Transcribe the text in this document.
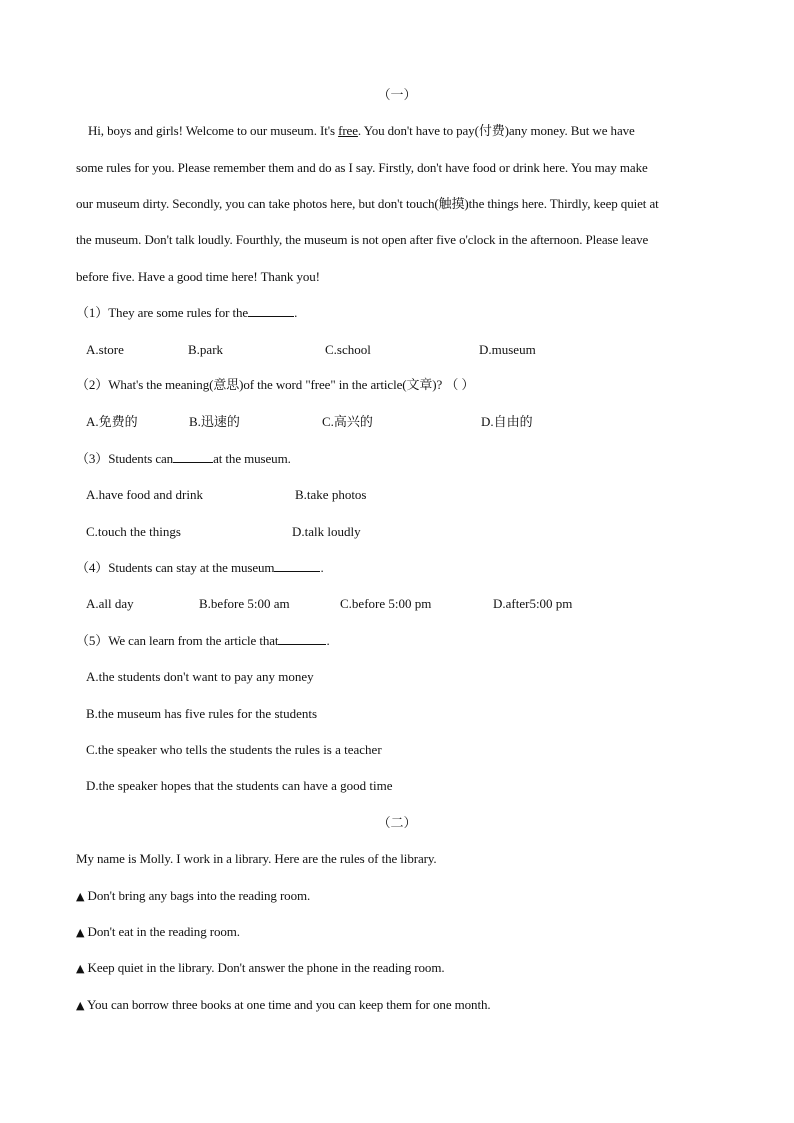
（一）
Hi, boys and girls! Welcome to our museum. It's free. You don't have to pay(付费)any money. But we have
some rules for you. Please remember them and do as I say. Firstly, don't have food or drink here. You may make
our museum dirty. Secondly, you can take photos here, but don't touch(触摸)the things here. Thirdly, keep quiet at
the museum. Don't talk loudly. Fourthly, the museum is not open after five o'clock in the afternoon. Please leave
before five. Have a good time here! Thank you!
（1）They are some rules for the	.
A.store	B.park	C.school	D.museum
（2）What's the meaning(意思)of the word "free" in the article(文章)? （ ）
A.免费的	B.迅速的	C.高兴的	D.自由的
（3）Students can	at the museum.
A.have food and drink	B.take photos
C.touch the things	D.talk loudly
（4）Students can stay at the museum	.
A.all day	B.before 5:00 am	C.before 5:00 pm	D.after5:00 pm
（5）We can learn from the article that	.
A.the students don't want to pay any money
B.the museum has five rules for the students
C.the speaker who tells the students the rules is a teacher
D.the speaker hopes that the students can have a good time
（二）
My name is Molly. I work in a library. Here are the rules of the library.
▲ Don't bring any bags into the reading room.
▲ Don't eat in the reading room.
▲ Keep quiet in the library. Don't answer the phone in the reading room.
▲ You can borrow three books at one time and you can keep them for one month.
